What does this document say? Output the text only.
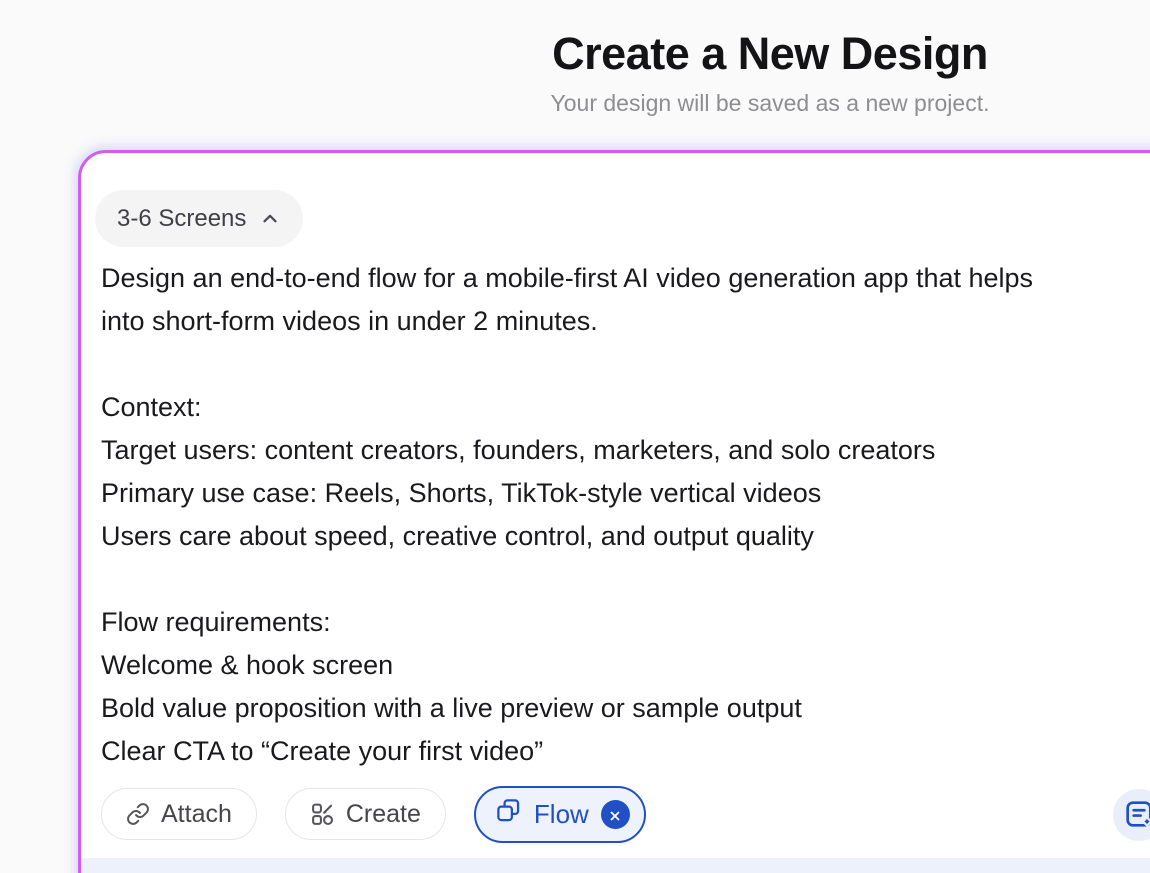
Create a New Design
Your design will be saved as a new project.
3-6 Screens
Design an end-to-end flow for a mobile-first AI video generation app that helps
into short-form videos in under 2 minutes.
Context:
Target users: content creators, founders, marketers, and solo creators
Primary use case: Reels, Shorts, TikTok-style vertical videos
Users care about speed, creative control, and output quality
Flow requirements:
Welcome & hook screen
Bold value proposition with a live preview or sample output
Clear CTA to “Create your first video”
Attach	Create	Flow
